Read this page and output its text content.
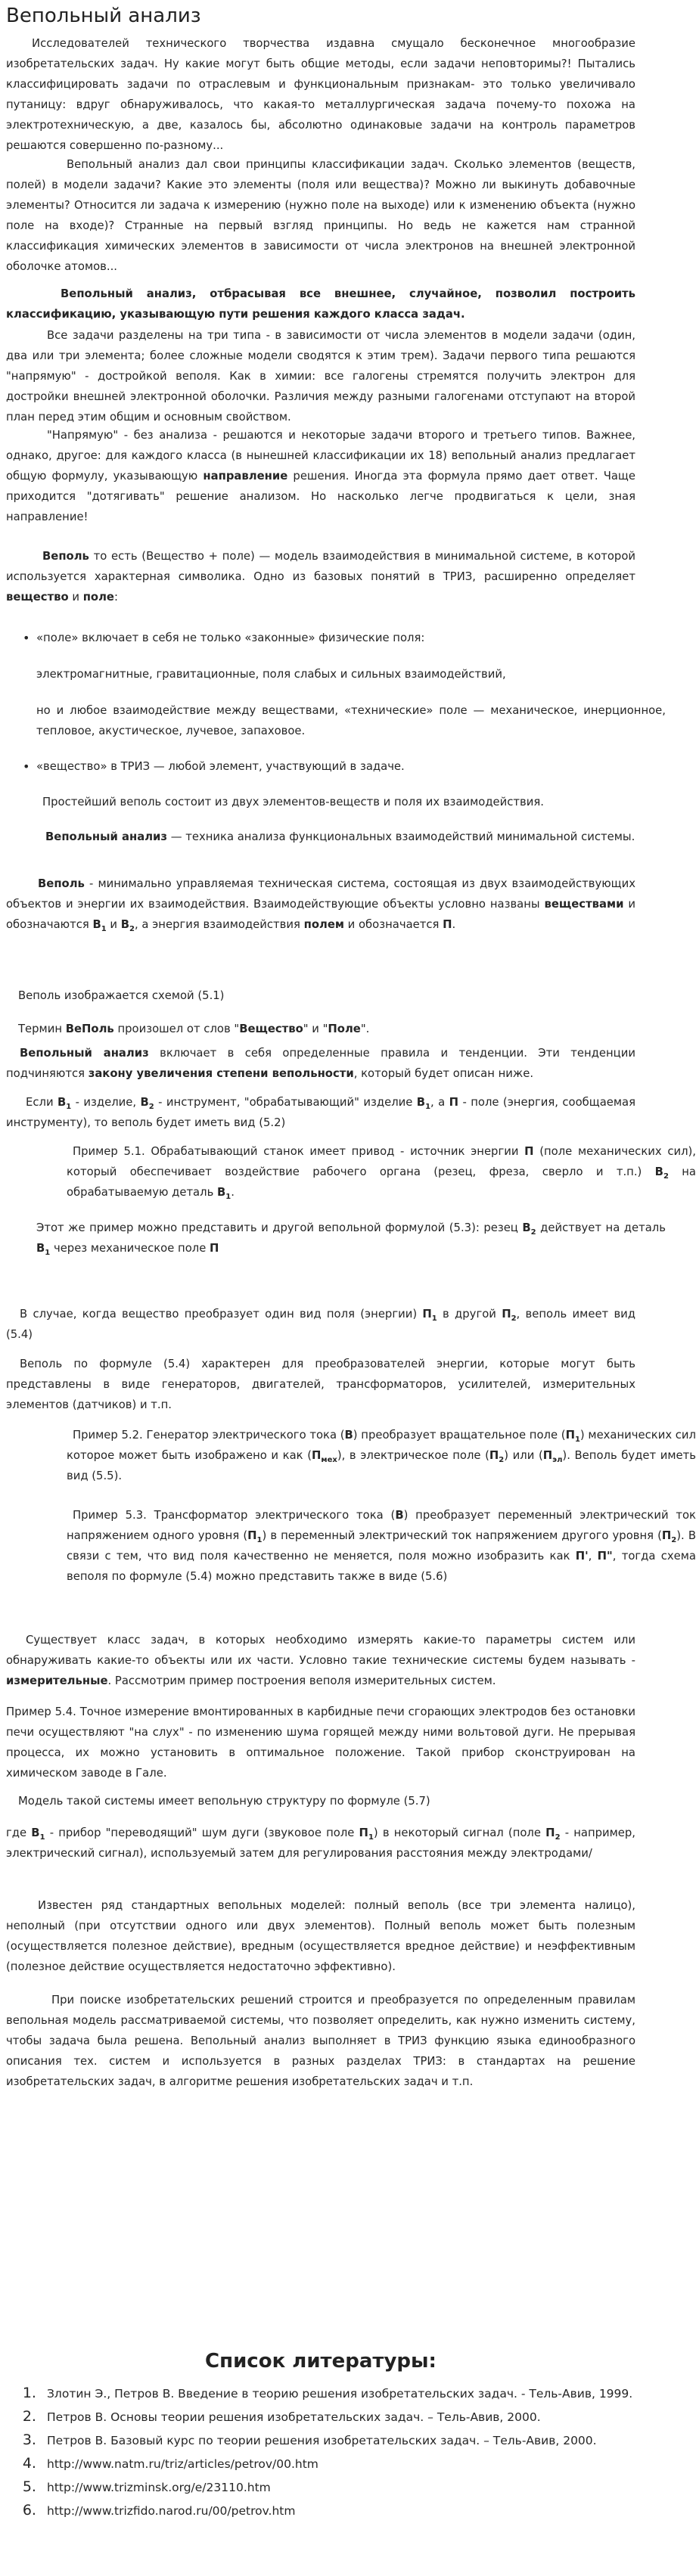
Вепольный анализ

Исследователей технического творчества издавна смущало бесконечное многообразие изобретательских задач. Ну какие могут быть общие методы, если задачи неповторимы?! Пытались классифицировать задачи по отраслевым и функциональным признакам- это только увеличивало путаницу: вдруг обнаруживалось, что какая-то металлургическая задача почему-то похожа на электротехническую, а две, казалось бы, абсолютно одинаковые задачи на контроль параметров решаются совершенно по-разному...

Вепольный анализ дал свои принципы классификации задач. Сколько элементов (веществ, полей) в модели задачи? Какие это элементы (поля или вещества)? Можно ли выкинуть добавочные элементы? Относится ли задача к измерению (нужно поле на выходе) или к изменению объекта (нужно поле на входе)? Странные на первый взгляд принципы. Но ведь не кажется нам странной классификация химических элементов в зависимости от числа электронов на внешней электронной оболочке атомов...

Вепольный анализ, отбрасывая все внешнее, случайное, позволил построить классификацию, указывающую пути решения каждого класса задач.

Все задачи разделены на три типа - в зависимости от числа элементов в модели задачи (один, два или три элемента; более сложные модели сводятся к этим трем). Задачи первого типа решаются "напрямую" - достройкой веполя. Как в химии: все галогены стремятся получить электрон для достройки внешней электронной оболочки. Различия между разными галогенами отступают на второй план перед этим общим и основным свойством.

"Напрямую" - без анализа - решаются и некоторые задачи второго и третьего типов. Важнее, однако, другое: для каждого класса (в нынешней классификации их 18) вепольный анализ предлагает общую формулу, указывающую направление решения. Иногда эта формула прямо дает ответ. Чаще приходится "дотягивать" решение анализом. Но насколько легче продвигаться к цели, зная направление!

Веполь то есть (Вещество + поле) — модель взаимодействия в минимальной системе, в которой используется характерная символика. Одно из базовых понятий в ТРИЗ, расширенно определяет вещество и поле:

• «поле» включает в себя не только «законные» физические поля:

электромагнитные, гравитационные, поля слабых и сильных взаимодействий,

но и любое взаимодействие между веществами, «технические» поле — механическое, инерционное, тепловое, акустическое, лучевое, запаховое.

• «вещество» в ТРИЗ — любой элемент, участвующий в задаче.

Простейший веполь состоит из двух элементов-веществ и поля их взаимодействия.

Вепольный анализ — техника анализа функциональных взаимодействий минимальной системы.

Веполь - минимально управляемая техническая система, состоящая из двух взаимодействующих объектов и энергии их взаимодействия. Взаимодействующие объекты условно названы веществами и обозначаются $B_1$ и $B_2$, а энергия взаимодействия полем и обозначается П.

Веполь изображается схемой (5.1)

Термин ВеПоль произошел от слов "Вещество" и "Поле".

Вепольный анализ включает в себя определенные правила и тенденции. Эти тенденции подчиняются закону увеличения степени вепольности, который будет описан ниже.

Если $B_1$ - изделие, $B_2$ - инструмент, "обрабатывающий" изделие $B_1$, а П - поле (энергия, сообщаемая инструменту), то веполь будет иметь вид (5.2)

Пример 5.1. Обрабатывающий станок имеет привод - источник энергии П (поле механических сил), который обеспечивает воздействие рабочего органа (резец, фреза, сверло и т.п.) $B_2$ на обрабатываемую деталь $B_1$.

Этот же пример можно представить и другой вепольной формулой (5.3): резец $B_2$ действует на деталь $B_1$ через механическое поле П

В случае, когда вещество преобразует один вид поля (энергии) $П_1$ в другой $П_2$, веполь имеет вид (5.4)

Веполь по формуле (5.4) характерен для преобразователей энергии, которые могут быть представлены в виде генераторов, двигателей, трансформаторов, усилителей, измерительных элементов (датчиков) и т.п.

Пример 5.2. Генератор электрического тока (B) преобразует вращательное поле $(П_1)$ механических сил которое может быть изображено и как $(П_{мех})$, в электрическое поле $(П_2)$ или $(П_{эл})$. Веполь будет иметь вид (5.5).

Пример 5.3. Трансформатор электрического тока (B) преобразует переменный электрический ток напряжением одного уровня $(П_1)$ в переменный электрический ток напряжением другого уровня $(П_2)$. В связи с тем, что вид поля качественно не меняется, поля можно изобразить как П', П", тогда схема веполя по формуле (5.4) можно представить также в виде (5.6)

Существует класс задач, в которых необходимо измерять какие-то параметры систем или обнаруживать какие-то объекты или их части. Условно такие технические системы будем называть - измерительные. Рассмотрим пример построения веполя измерительных систем.

Пример 5.4. Точное измерение вмонтированных в карбидные печи сгорающих электродов без остановки печи осуществляют "на слух" - по изменению шума горящей между ними вольтовой дуги. Не прерывая процесса, их можно установить в оптимальное положение. Такой прибор сконструирован на химическом заводе в Гале.

Модель такой системы имеет вепольную структуру по формуле (5.7)

где $B_1$ - прибор "переводящий" шум дуги (звуковое поле $П_1$) в некоторый сигнал (поле $П_2$ - например, электрический сигнал), используемый затем для регулирования расстояния между электродами/

Известен ряд стандартных вепольных моделей: полный веполь (все три элемента налицо), неполный (при отсутствии одного или двух элементов). Полный веполь может быть полезным (осуществляется полезное действие), вредным (осуществляется вредное действие) и неэффективным (полезное действие осуществляется недостаточно эффективно).

При поиске изобретательских решений строится и преобразуется по определенным правилам вепольная модель рассматриваемой системы, что позволяет определить, как нужно изменить систему, чтобы задача была решена. Вепольный анализ выполняет в ТРИЗ функцию языка единообразного описания тех. систем и используется в разных разделах ТРИЗ: в стандартах на решение изобретательских задач, в алгоритме решения изобретательских задач и т.п.

Список литературы:
1. Злотин Э., Петров В. Введение в теорию решения изобретательских задач. - Тель-Авив, 1999.
2. Петров В. Основы теории решения изобретательских задач. – Тель-Авив, 2000.
3. Петров В. Базовый курс по теории решения изобретательских задач. – Тель-Авив, 2000.
4. http://www.natm.ru/triz/articles/petrov/00.htm
5. http://www.trizminsk.org/e/23110.htm
6. http://www.trizfido.narod.ru/00/petrov.htm
